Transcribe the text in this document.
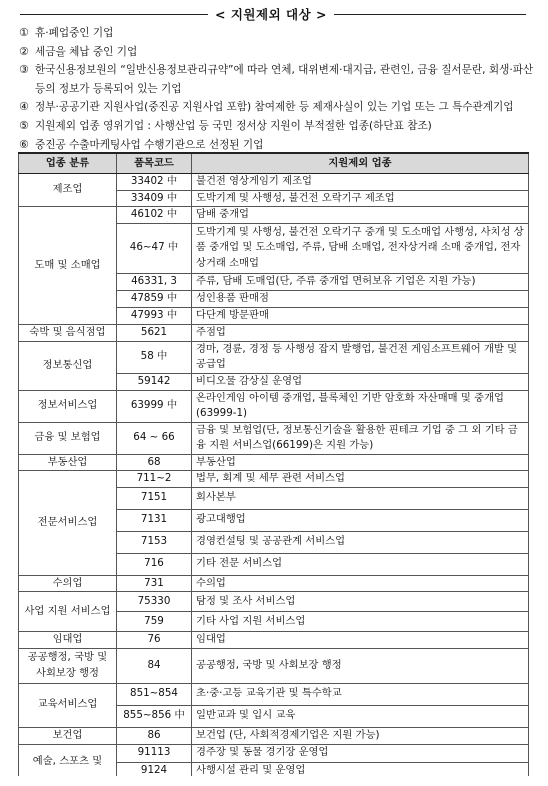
< 지원제외 대상 >
① 휴·폐업중인 기업
② 세금을 체납 중인 기업
③ 한국신용정보원의 “일반신용정보관리규약”에 따라 연체, 대위변제·대지급, 관련인, 금융 질서문란, 회생·파산 등의 정보가 등록되어 있는 기업
④ 정부·공공기관 지원사업(중진공 지원사업 포함) 참여제한 등 제재사실이 있는 기업 또는 그 특수관계기업
⑤ 지원제외 업종 영위기업 : 사행산업 등 국민 정서상 지원이 부적절한 업종(하단표 참조)
⑥ 중진공 수출마케팅사업 수행기관으로 선정된 기업
업종 분류	품목코드	지원제외 업종
제조업	33402 中	불건전 영상게임기 제조업
	33409 中	도박기계 및 사행성, 불건전 오락기구 제조업
도매 및 소매업	46102 中	담배 중개업
	46~47 中	도박기계 및 사행성, 불건전 오락기구 중개 및 도소매업 사행성, 사치성 상품 중개업 및 도소매업, 주류, 담배 소매업, 전자상거래 소매 중개업, 전자상거래 소매업
	46331, 3	주류, 담배 도매업(단, 주류 중개업 면허보유 기업은 지원 가능)
	47859 中	성인용품 판매점
	47993 中	다단계 방문판매
숙박 및 음식점업	5621	주점업
정보통신업	58 中	경마, 경륜, 경정 등 사행성 잡지 발행업, 불건전 게임소프트웨어 개발 및 공급업
	59142	비디오물 감상실 운영업
정보서비스업	63999 中	온라인게임 아이템 중개업, 블록체인 기반 암호화 자산매매 및 중개업(63999-1)
금융 및 보험업	64 ~ 66	금융 및 보험업(단, 정보통신기술을 활용한 핀테크 기업 중 그 외 기타 금융 지원 서비스업(66199)은 지원 가능)
부동산업	68	부동산업
전문서비스업	711~2	법무, 회계 및 세무 관련 서비스업
	7151	회사본부
	7131	광고대행업
	7153	경영컨설팅 및 공공관계 서비스업
	716	기타 전문 서비스업
수의업	731	수의업
사업 지원 서비스업	75330	탐정 및 조사 서비스업
	759	기타 사업 지원 서비스업
임대업	76	임대업
공공행정, 국방 및 사회보장 행정	84	공공행정, 국방 및 사회보장 행정
교육서비스업	851~854	초·중·고등 교육기관 및 특수학교
	855~856 中	일반교과 및 입시 교육
보건업	86	보건업 (단, 사회적경제기업은 지원 가능)
예술, 스포츠 및	91113	경주장 및 동물 경기장 운영업
	9124	사행시설 관리 및 운영업
